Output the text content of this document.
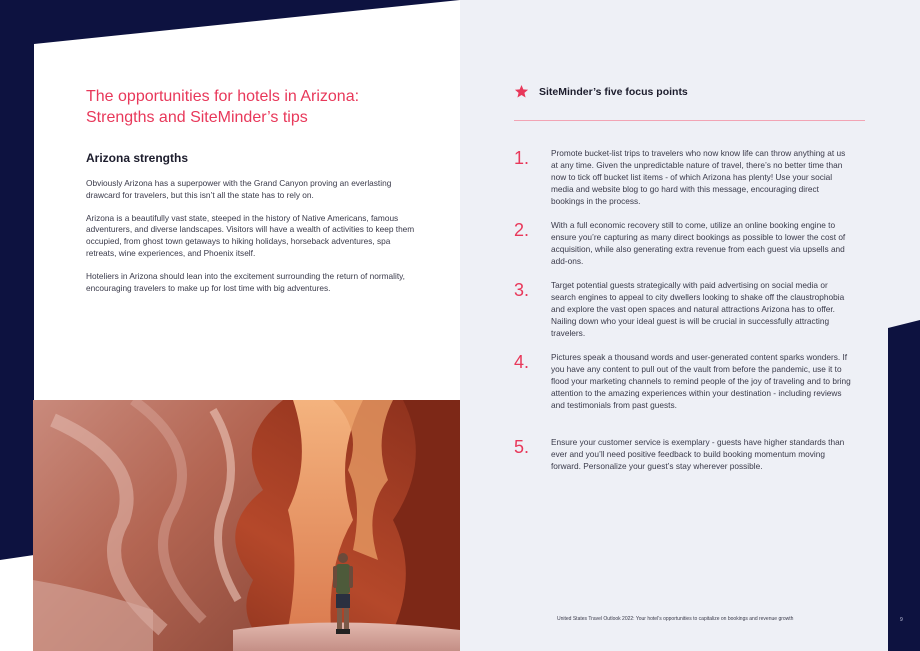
The opportunities for hotels in Arizona: Strengths and SiteMinder’s tips
Arizona strengths

Obviously Arizona has a superpower with the Grand Canyon proving an everlasting drawcard for travelers, but this isn’t all the state has to rely on.

Arizona is a beautifully vast state, steeped in the history of Native Americans, famous adventurers, and diverse landscapes. Visitors will have a wealth of activities to keep them occupied, from ghost town getaways to hiking holidays, horseback adventures, spa retreats, wine experiences, and Phoenix itself.

Hoteliers in Arizona should lean into the excitement surrounding the return of normality, encouraging travelers to make up for lost time with big adventures.

SiteMinder’s five focus points
1.	Promote bucket-list trips to travelers who now know life can throw anything at us at any time. Given the unpredictable nature of travel, there’s no better time than now to tick off bucket list items - of which Arizona has plenty! Use your social media and website blog to go hard with this message, encouraging direct bookings in the process.
2.	With a full economic recovery still to come, utilize an online booking engine to ensure you’re capturing as many direct bookings as possible to lower the cost of acquisition, while also generating extra revenue from each guest via upsells and add-ons.
3.	Target potential guests strategically with paid advertising on social media or search engines to appeal to city dwellers looking to shake off the claustrophobia and explore the vast open spaces and natural attractions Arizona has to offer. Nailing down who your ideal guest is will be crucial in successfully attracting travelers.
4.	Pictures speak a thousand words and user-generated content sparks wonders. If you have any content to pull out of the vault from before the pandemic, use it to flood your marketing channels to remind people of the joy of traveling and to bring attention to the amazing experiences within your destination - including reviews and testimonials from past guests.
5.	Ensure your customer service is exemplary - guests have higher standards than ever and you’ll need positive feedback to build booking momentum moving forward. Personalize your guest’s stay wherever possible.
United States Travel Outlook 2022: Your hotel’s opportunities to capitalize on bookings and revenue growth	9
